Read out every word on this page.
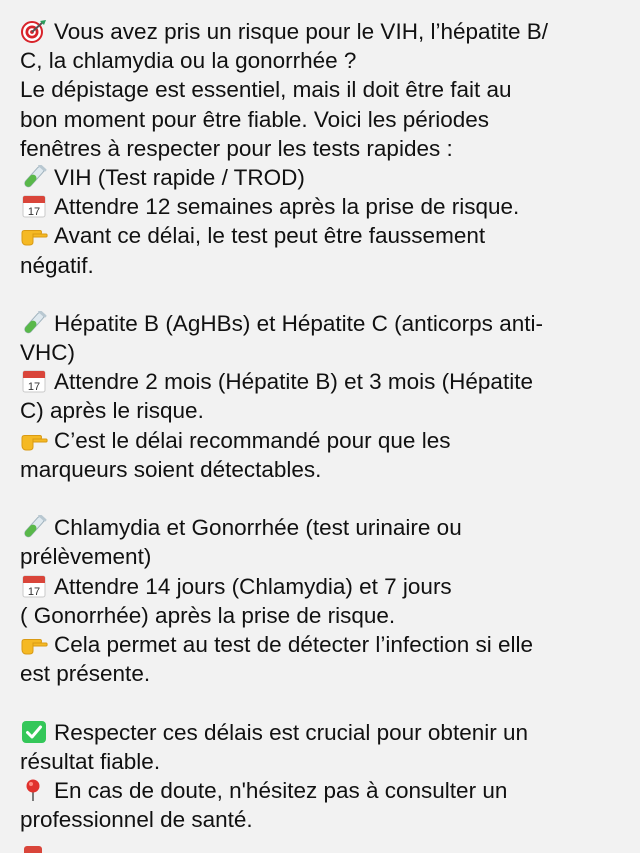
Vous avez pris un risque pour le VIH, l’hépatite B/
C, la chlamydia ou la gonorrhée ?
Le dépistage est essentiel, mais il doit être fait au
bon moment pour être fiable. Voici les périodes
fenêtres à respecter pour les tests rapides :
VIH (Test rapide / TROD)
17 Attendre 12 semaines après la prise de risque.
Avant ce délai, le test peut être faussement
négatif.
Hépatite B (AgHBs) et Hépatite C (anticorps anti-
VHC)
17 Attendre 2 mois (Hépatite B) et 3 mois (Hépatite
C) après le risque.
C’est le délai recommandé pour que les
marqueurs soient détectables.
Chlamydia et Gonorrhée (test urinaire ou
prélèvement)
17 Attendre 14 jours (Chlamydia) et 7 jours
( Gonorrhée) après la prise de risque.
Cela permet au test de détecter l’infection si elle
est présente.
Respecter ces délais est crucial pour obtenir un
résultat fiable.
En cas de doute, n'hésitez pas à consulter un
professionnel de santé.
